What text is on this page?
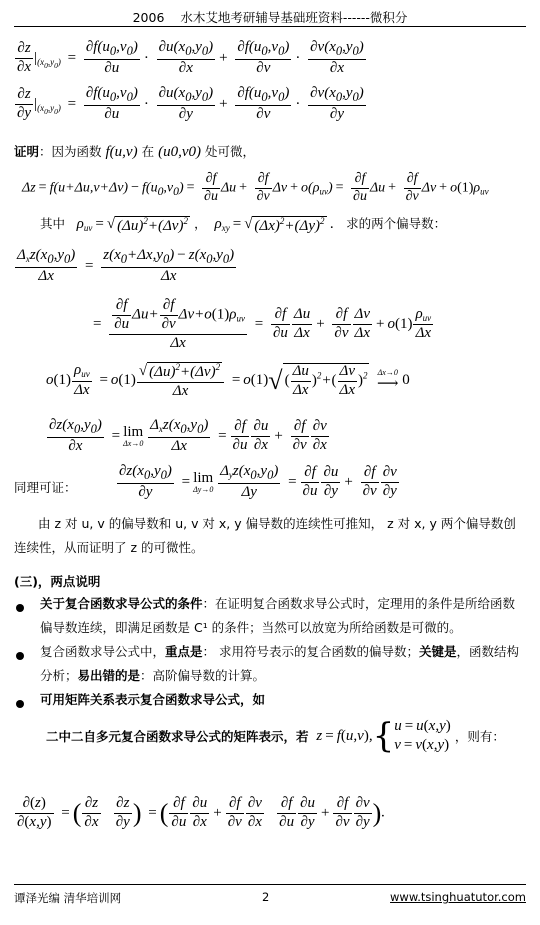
2006 水木艾地考研辅导基础班资料------微积分
$\frac{\partial z}{\partial x} |_{(x_0,y_0)} = \frac{\partial f(u_0,v_0)}{\partial u} \cdot \frac{\partial u(x_0,y_0)}{\partial x} + \frac{\partial f(u_0,v_0)}{\partial v} \cdot \frac{\partial v(x_0,y_0)}{\partial x}$
$\frac{\partial z}{\partial y} |_{(x_0,y_0)} = \frac{\partial f(u_0,v_0)}{\partial u} \cdot \frac{\partial u(x_0,y_0)}{\partial y} + \frac{\partial f(u_0,v_0)}{\partial v} \cdot \frac{\partial v(x_0,y_0)}{\partial y}$
证明：因为函数 f(u,v) 在 (u0,v0) 处可微，
$\Delta z = f(u+\Delta u,v+\Delta v) - f(u_0,v_0) = \frac{\partial f}{\partial u}$ $\Delta u + \frac{\partial f}{\partial v}$ $\Delta v + o(\rho_{uv}) = \frac{\partial f}{\partial u}$ $\Delta u + \frac{\partial f}{\partial v}$ $\Delta v + o(1)\rho_{uv}$
其中 $\rho_{uv}$ = √ $(\Delta u)^2+(\Delta v)^2$ ， $\rho_{xy}$ = √ $(\Delta x)^2+(\Delta y)^2$ . 求的两个偏导数：
$\frac{\Delta_xz(x_0,y_0)}{\Delta x} = \frac{z(x_0+\Delta x,y_0) - z(x_0,y_0)}{\Delta x}$
= $\frac{\frac{\partial f}{\partial u} \Delta u+ \frac{\partial f}{\partial v} \Delta v+o(1)\rho_{uv}}{\Delta x} = \frac{\partial f}{\partial u} \frac{\Delta u}{\Delta x} + \frac{\partial f}{\partial v} \frac{\Delta v}{\Delta x} + o(1) \frac{\rho_{uv}}{\Delta x}$
$o(1) \frac{\rho_{uv}}{\Delta x} = o(1) \frac{√ (\Delta u)^2+(\Delta v)^2}{\Delta x} = o(1)√$ ( $\frac{\Delta u}{\Delta x} )^2+( \frac{\Delta v}{\Delta x} )^2$ Δx→0
⟶ 0
$\frac{\partial z(x_0,y_0)}{\partial x} = \lim$
Δx→0
$\frac{\Delta_xz(x_0,y_0)}{\Delta x} = \frac{\partial f}{\partial u} \frac{\partial u}{\partial x} + \frac{\partial f}{\partial v} \frac{\partial v}{\partial x}$
同理可证：	$\frac{\partial z(x_0,y_0)}{\partial y} = \lim$
Δy→0
$\frac{\Delta_yz(x_0,y_0)}{\Delta y} = \frac{\partial f}{\partial u} \frac{\partial u}{\partial y} + \frac{\partial f}{\partial v} \frac{\partial v}{\partial y}$
由 z 对 u, v 的偏导数和 u, v 对 x, y 偏导数的连续性可推知， z 对 x, y 两个偏导数创连续性，从而证明了 z 的可微性。
(三)，两点说明
关于复合函数求导公式的条件：在证明复合函数求导公式时，定理用的条件是所给函数偏导数连续，即满足函数是 C¹ 的条件；当然可以放宽为所给函数是可微的。
复合函数求导公式中，重点是： 求用符号表示的复合函数的偏导数；关键是，函数结构分析；易出错的是：高阶偏导数的计算。
可用矩阵关系表示复合函数求导公式，如
二中二自多元复合函数求导公式的矩阵表示，若 z = f(u,v),{ u = u(x,y)
v = v(x,y)
，则有：
$\frac{\partial(z)}{\partial(x,y)}$ = ( $\frac{\partial z}{\partial x}$
$\frac{\partial z}{\partial y}$ ) = ( $\frac{\partial f}{\partial u} \frac{\partial u}{\partial x} + \frac{\partial f}{\partial v} \frac{\partial v}{\partial x}$
$\frac{\partial f}{\partial u} \frac{\partial u}{\partial y} + \frac{\partial f}{\partial v} \frac{\partial v}{\partial y}$ ).
谭泽光编 清华培训网	2	www.tsinghuatutor.com
